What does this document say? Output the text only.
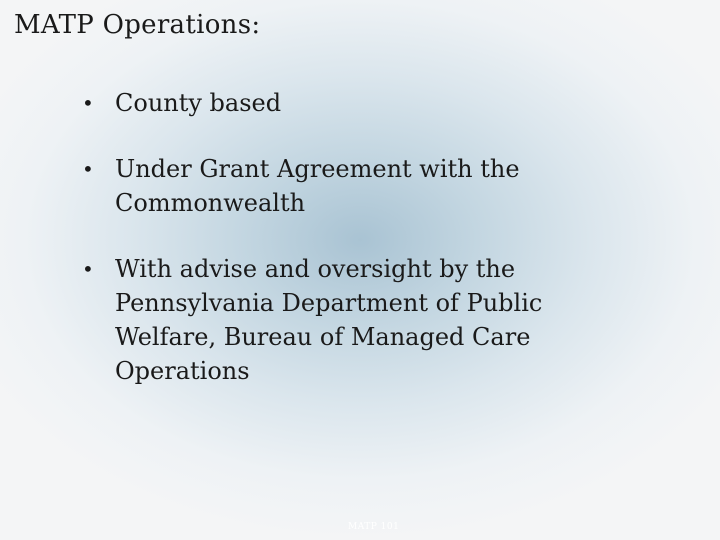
MATP Operations:
• County based
• Under Grant Agreement with the Commonwealth
• With advise and oversight by the Pennsylvania Department of Public Welfare, Bureau of Managed Care Operations
MATP 101
